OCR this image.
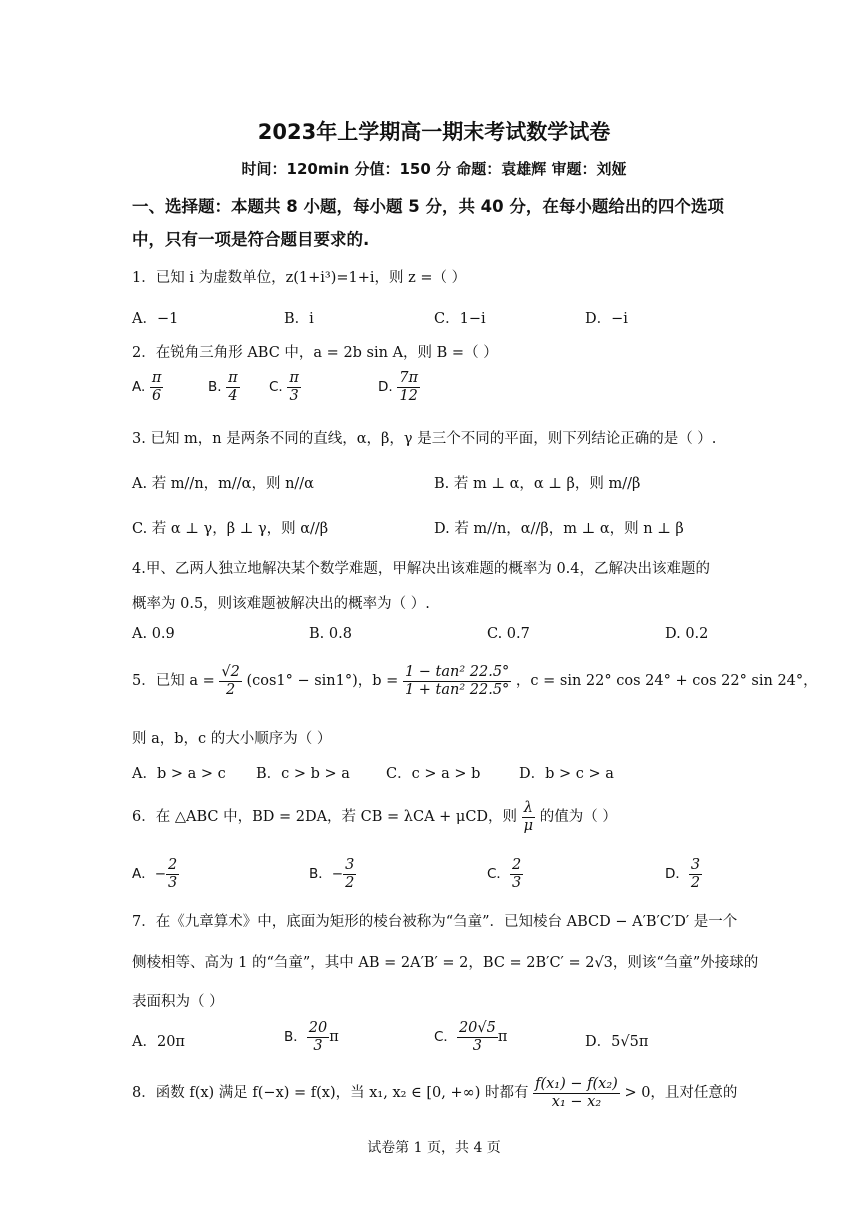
2023年上学期高一期末考试数学试卷
时间：120min 分值：150 分 命题：袁雄辉 审题：刘娅
一、选择题：本题共 8 小题，每小题 5 分，共 40 分，在每小题给出的四个选项
中，只有一项是符合题目要求的.
1．已知 i 为虚数单位，z(1+i³)=1+i，则 z =（ ）
A．−1	B．i	C．1−i	D．−i
2．在锐角三角形 ABC 中，a = 2b sin A，则 B =（ ）
A. $\frac{\pi}{6}$	B. $\frac{\pi}{4} C$. $\frac{\pi}{3}$	D. $\frac{7\pi}{12}$
3. 已知 m，n 是两条不同的直线，α，β，γ 是三个不同的平面，则下列结论正确的是（ ）.
A. 若 m//n，m//α，则 n//α	B. 若 m ⊥ α，α ⊥ β，则 m//β
C. 若 α ⊥ γ，β ⊥ γ，则 α//β	D. 若 m//n，α//β，m ⊥ α，则 n ⊥ β
4.甲、乙两人独立地解决某个数学难题，甲解决出该难题的概率为 0.4，乙解决出该难题的
概率为 0.5，则该难题被解决出的概率为（ ）.
A. 0.9	B. 0.8	C. 0.7	D. 0.2
5．已知 $a = \frac{√2}{2} (\cos 1^\circ - \sin 1^\circ)$，$b = \frac{\text{1 − tan² 22.5°}}{\text{1 + tan² 22.5°}}$ ，c = sin 22° cos 24° + cos 22° sin 24°，
则 a，b，c 的大小顺序为（ ）
A．b > a > c B．c > b > a C．c > a > b	D．b > c > a
6．在 △ABC 中，BD = 2DA，若 CB = λCA + μCD，则 $\frac{\lambda}{\mu}$ 的值为（ ）
A．− $\frac{2}{3}$	B．− $\frac{3}{2}$	C． $\frac{2}{3}$	D． $\frac{3}{2}$
7．在《九章算术》中，底面为矩形的棱台被称为“刍童”．已知棱台 ABCD − A′B′C′D′ 是一个
侧棱相等、高为 1 的“刍童”，其中 AB = 2A′B′ = 2，BC = 2B′C′ = 2√3，则该“刍童”外接球的
表面积为（ ）
A．20π	B． $\frac{20}{3}$ π	C． $\frac{20√5}{3}$ π	D．5√5π
8．函数 f(x) 满足 f(−x) = f(x)，当 x₁, x₂ ∈ [0, +∞) 时都有 $\frac{\text{f(x₁) − f(x₂)}}{\text{x₁ − x₂}} > 0$，且对任意的
试卷第 1 页，共 4 页
